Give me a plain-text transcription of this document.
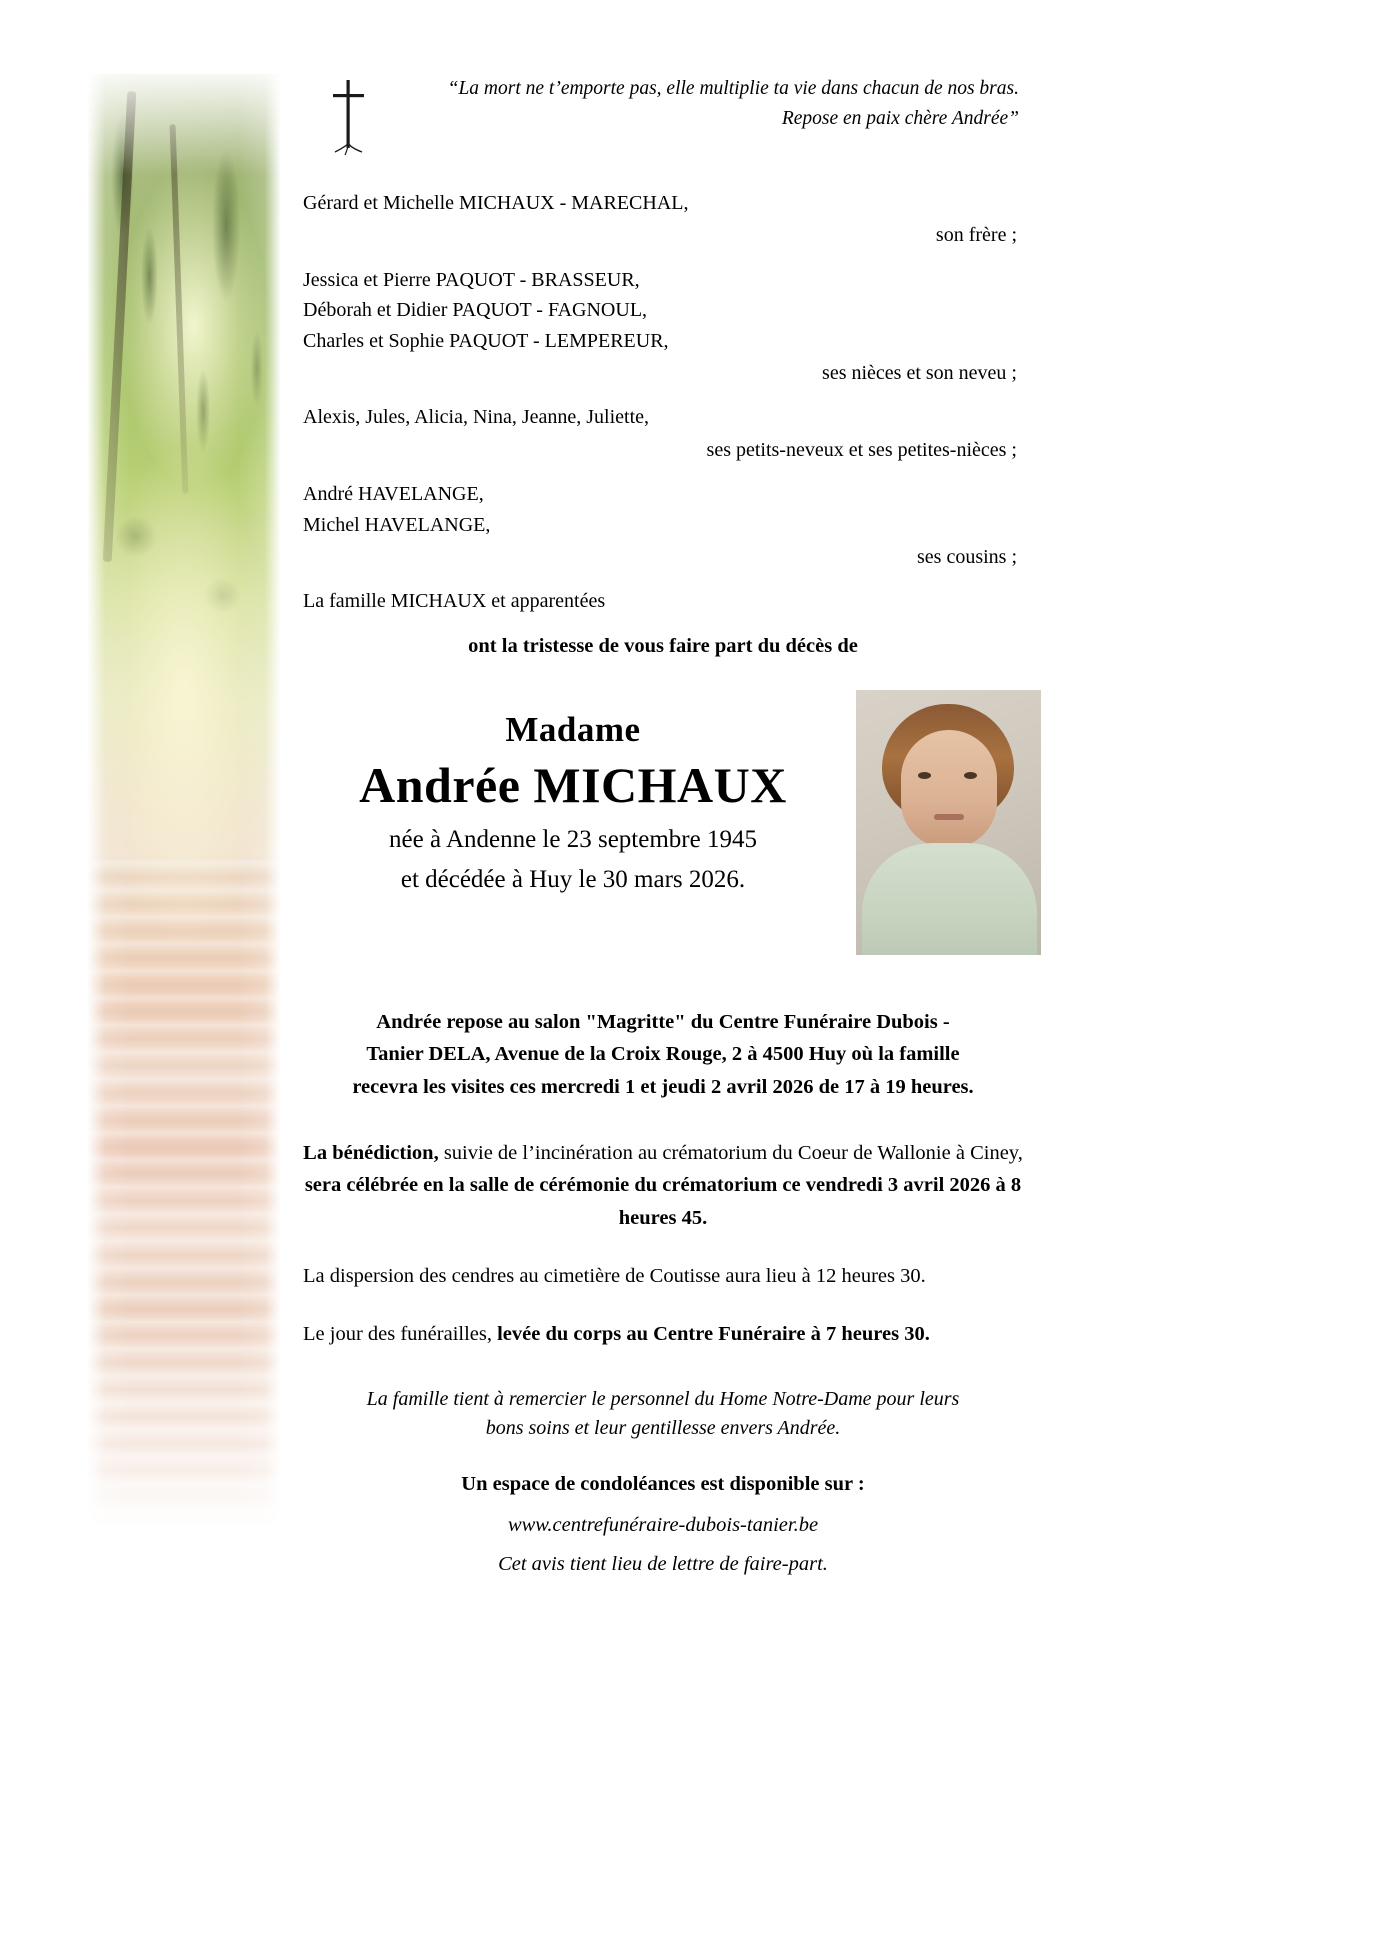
“La mort ne t’emporte pas, elle multiplie ta vie dans chacun de nos bras.
Repose en paix chère Andrée”
Gérard et Michelle MICHAUX - MARECHAL,
son frère ;
Jessica et Pierre PAQUOT - BRASSEUR,
Déborah et Didier PAQUOT - FAGNOUL,
Charles et Sophie PAQUOT - LEMPEREUR,
ses nièces et son neveu ;
Alexis, Jules, Alicia, Nina, Jeanne, Juliette,
ses petits-neveux et ses petites-nièces ;
André HAVELANGE,
Michel HAVELANGE,
ses cousins ;
La famille MICHAUX et apparentées
ont la tristesse de vous faire part du décès de
Madame
Andrée MICHAUX
née à Andenne le 23 septembre 1945
et décédée à Huy le 30 mars 2026.
Andrée repose au salon "Magritte" du Centre Funéraire Dubois -
Tanier DELA, Avenue de la Croix Rouge, 2 à 4500 Huy où la famille
recevra les visites ces mercredi 1 et jeudi 2 avril 2026 de 17 à 19 heures.
La bénédiction, suivie de l’incinération au crématorium du Coeur de Wallonie à Ciney, sera célébrée en la salle de cérémonie du crématorium ce vendredi 3 avril 2026 à 8 heures 45.
La dispersion des cendres au cimetière de Coutisse aura lieu à 12 heures 30.
Le jour des funérailles, levée du corps au Centre Funéraire à 7 heures 30.
La famille tient à remercier le personnel du Home Notre-Dame pour leurs
bons soins et leur gentillesse envers Andrée.
Un espace de condoléances est disponible sur :
www.centrefunéraire-dubois-tanier.be
Cet avis tient lieu de lettre de faire-part.
